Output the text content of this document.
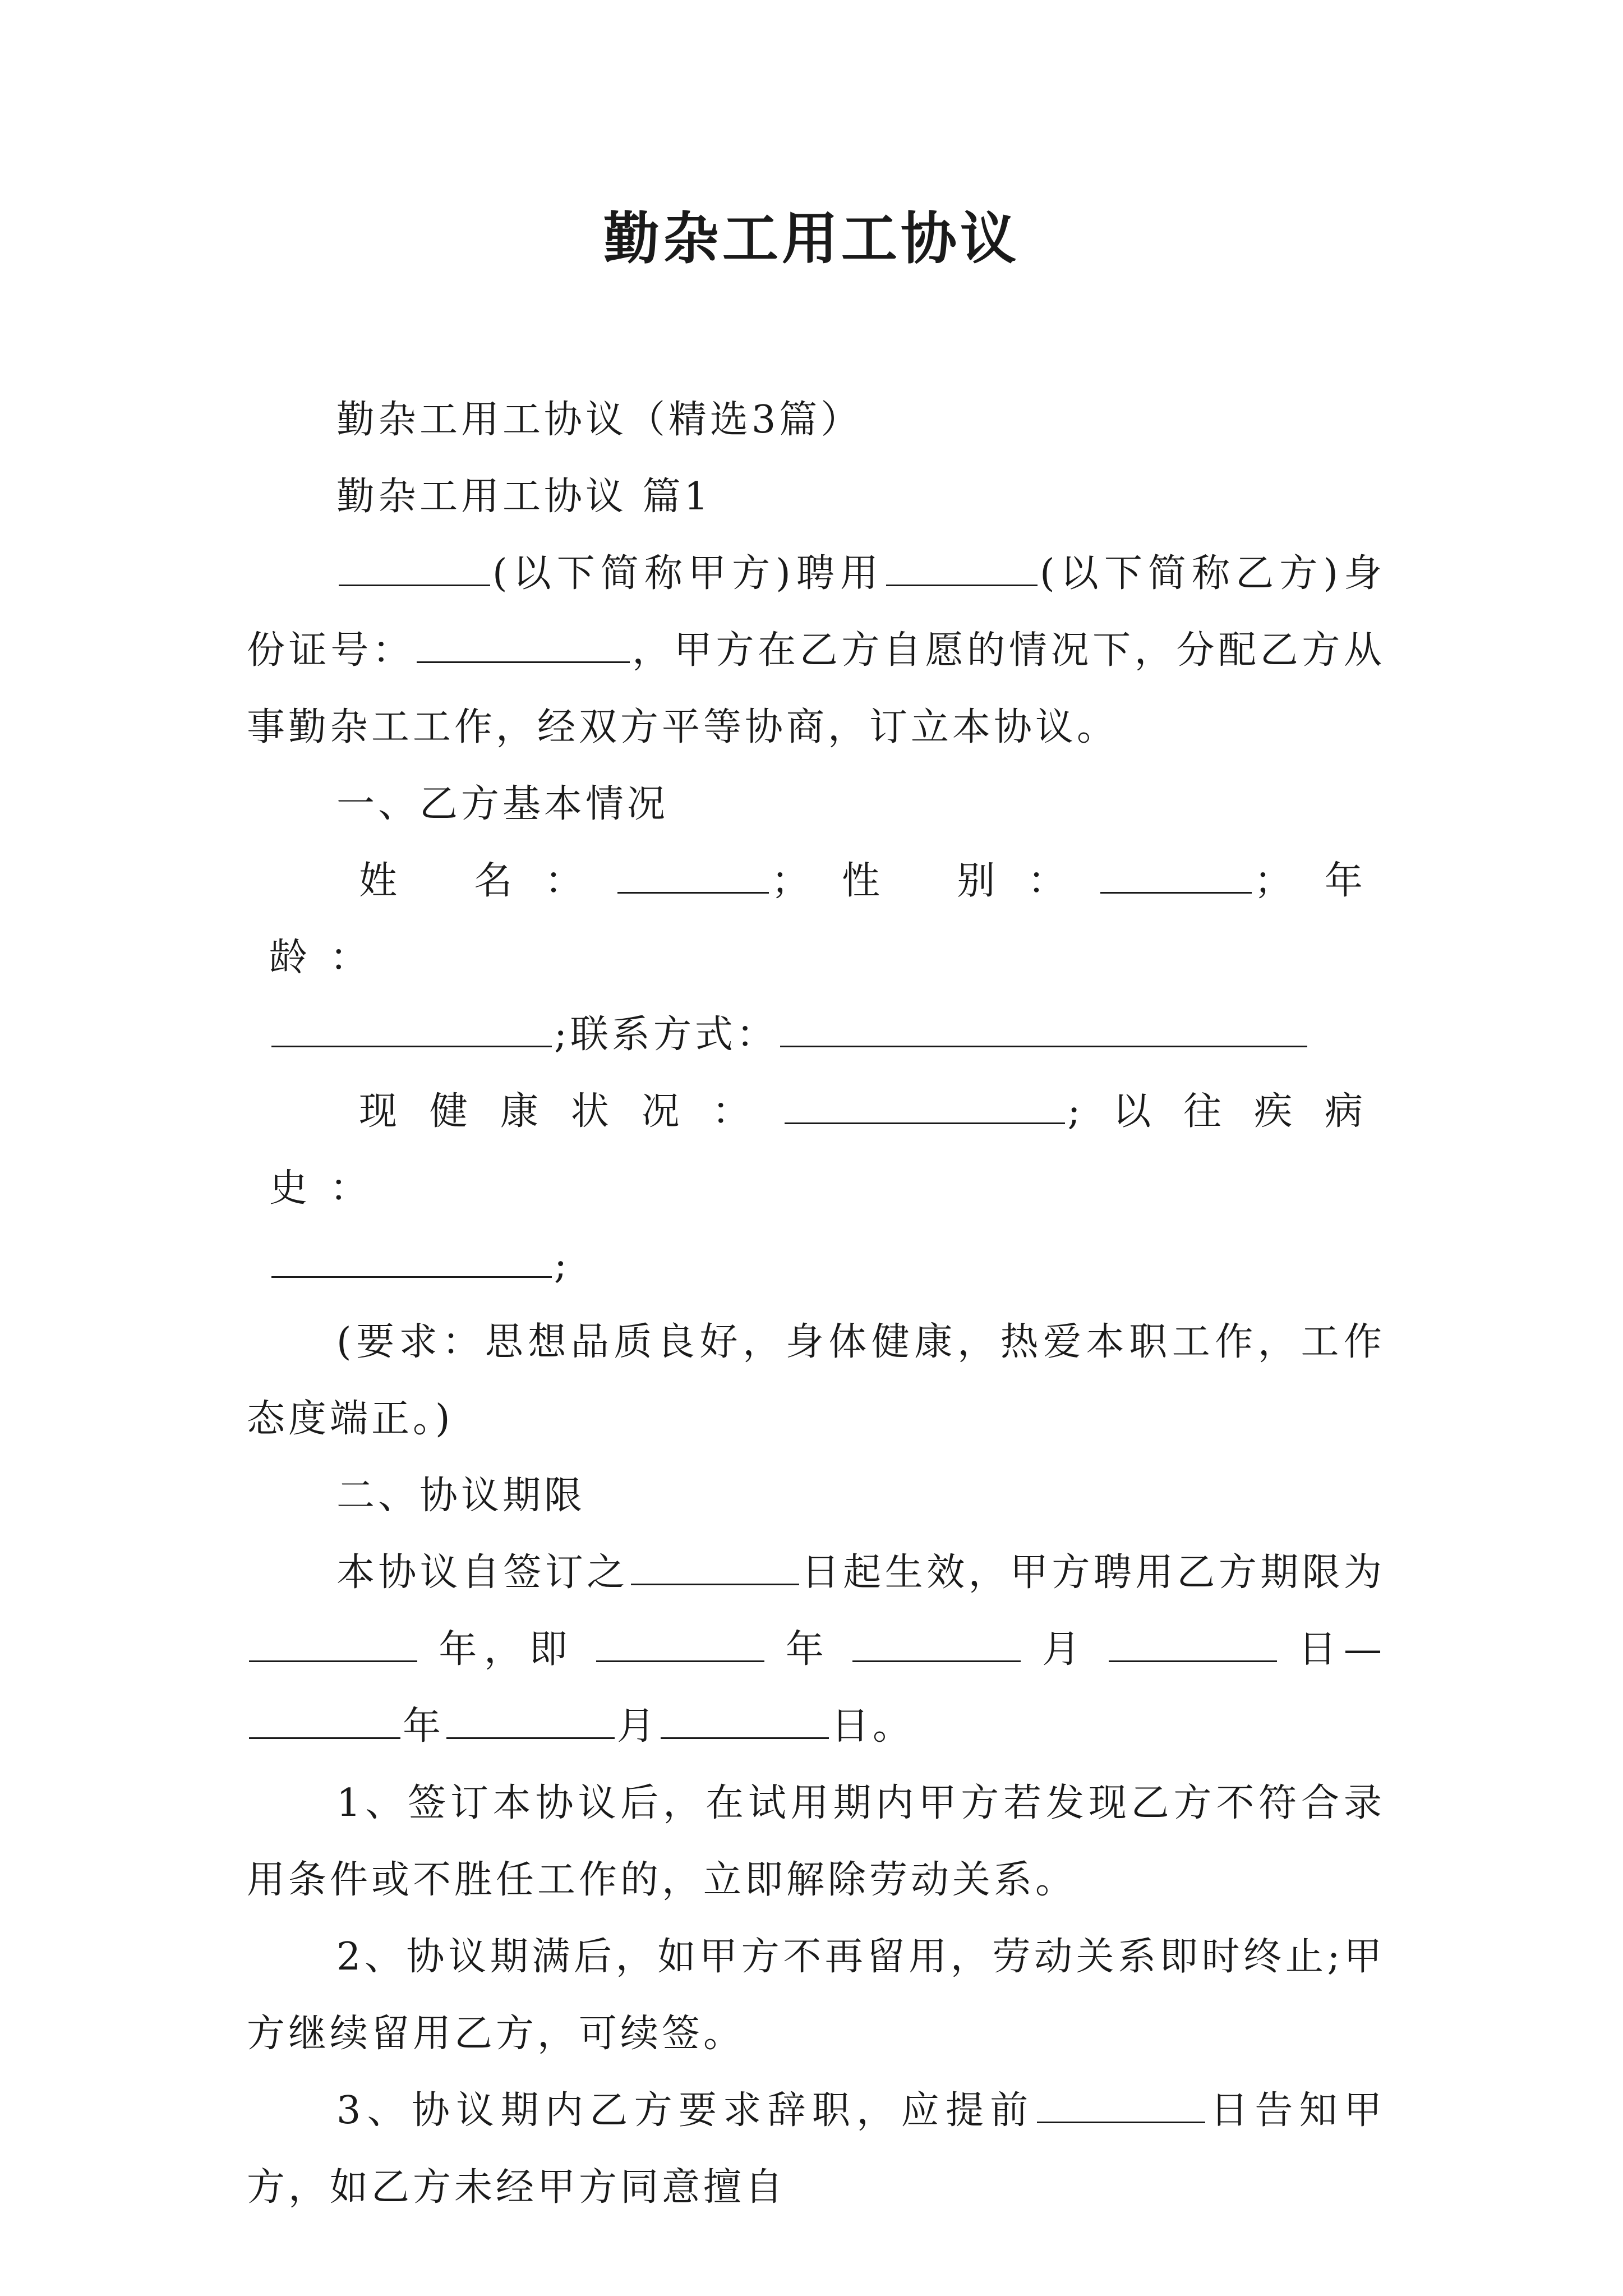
勤杂工用工协议

勤杂工用工协议（精选3篇）

勤杂工用工协议 篇1

(以下简称甲方)聘用	(以下简称乙方)身份证号：	，甲方在乙方自愿的情况下，分配乙方从事勤杂工工作，经双方平等协商，订立本协议。

一、乙方基本情况

姓 名：	；性 别：	；年 龄：
;联系方式：

现健康状况：	;以往疾病史：
;

(要求：思想品质良好，身体健康，热爱本职工作，工作态度端正。)

二、协议期限

本协议自签订之	日起生效，甲方聘用乙方期限为  年，即	年	月	日—年	月	日。

1、签订本协议后，在试用期内甲方若发现乙方不符合录用条件或不胜任工作的，立即解除劳动关系。

2、协议期满后，如甲方不再留用，劳动关系即时终止;甲方继续留用乙方，可续签。

3、协议期内乙方要求辞职，应提前	日告知甲方，如乙方未经甲方同意擅自
